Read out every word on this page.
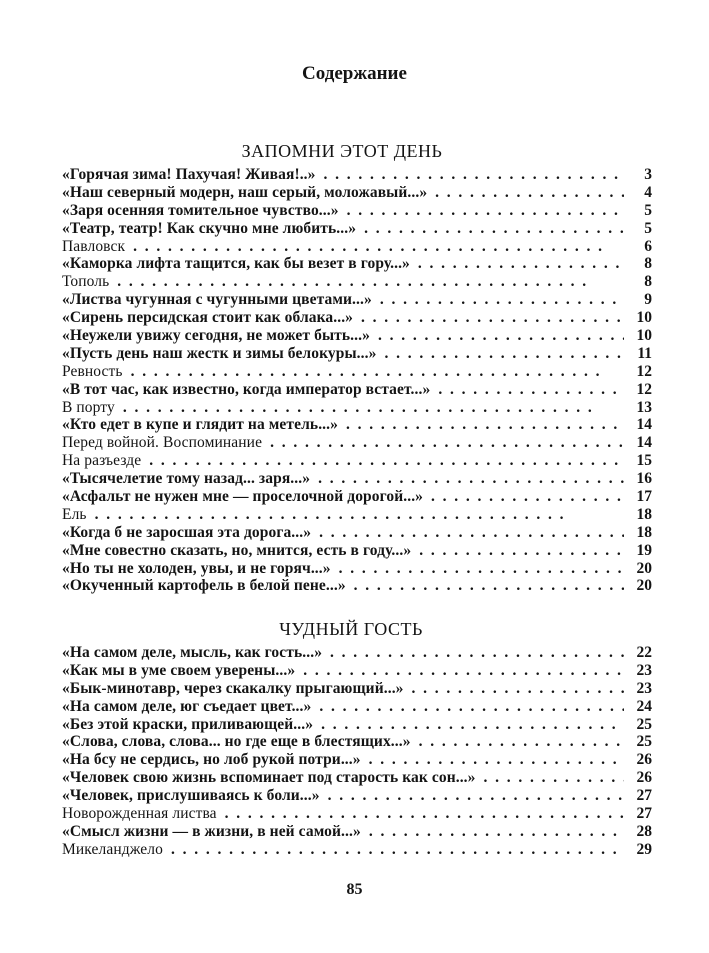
Содержание
ЗАПОМНИ ЭТОТ ДЕНЬ
«Горячая зима! Пахучая! Живая!..» . .	3
«Наш северный модерн, наш серый, моложавый...» . .	4
«Заря осенняя томительное чувство...» . .	5
«Театр, театр! Как скучно мне любить...» . .	5
Павловск . .	6
«Каморка лифта тащится, как бы везет в гору...» . .	8
Тополь . .	8
«Листва чугунная с чугунными цветами...» . .	9
«Сирень персидская стоит как облака...» . .	10
«Неужели увижу сегодня, не может быть...» . .	10
«Пусть день наш жестк и зимы белокуры...» . .	11
Ревность . .	12
«В тот час, как известно, когда император встает...» . .	12
В порту . .	13
«Кто едет в купе и глядит на метель...» . .	14
Перед войной. Воспоминание . .	14
На разъезде . .	15
«Тысячелетие тому назад... заря...» . .	16
«Асфальт не нужен мне — проселочной дорогой...» . .	17
Ель . .	18
«Когда б не заросшая эта дорога...» . .	18
«Мне совестно сказать, но, мнится, есть в году...» . .	19
«Но ты не холоден, увы, и не горяч...» . .	20
«Окученный картофель в белой пене...» . .	20
ЧУДНЫЙ ГОСТЬ
«На самом деле, мысль, как гость...» . .	22
«Как мы в уме своем уверены...» . .	23
«Бык-минотавр, через скакалку прыгающий...» . .	23
«На самом деле, юг съедает цвет...» . .	24
«Без этой краски, приливающей...» . .	25
«Слова, слова, слова... но где еще в блестящих...» . .	25
«На бсу не сердись, но лоб рукой потри...» . .	26
«Человек свою жизнь вспоминает под старость как сон...» . .	26
«Человек, прислушиваясь к боли...» . .	27
Новорожденная листва . .	27
«Смысл жизни — в жизни, в ней самой...» . .	28
Микеланджело . .	29
85
